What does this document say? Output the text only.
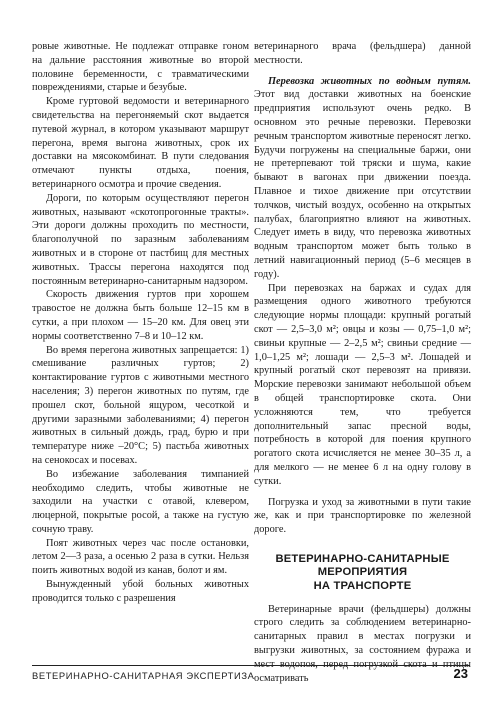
ровые животные. Не подлежат отправке гоном на дальние расстояния животные во второй половине беременности, с травматическими повреждениями, старые и безубые.

Кроме гуртовой ведомости и ветеринарного свидетельства на перегоняемый скот выдается путевой журнал, в котором указывают маршрут перегона, время выгона животных, срок их доставки на мясокомбинат. В пути следования отмечают пункты отдыха, поения, ветеринарного осмотра и прочие сведения.

Дороги, по которым осуществляют перегон животных, называют «скотопрогонные тракты». Эти дороги должны проходить по местности, благополучной по заразным заболеваниям животных и в стороне от пастбищ для местных животных. Трассы перегона находятся под постоянным ветеринарно-санитарным надзором.

Скорость движения гуртов при хорошем травостое не должна быть больше 12–15 км в сутки, а при плохом — 15–20 км. Для овец эти нормы соответственно 7–8 и 10–12 км.

Во время перегона животных запрещается: 1) смешивание различных гуртов; 2) контактирование гуртов с животными местного населения; 3) перегон животных по путям, где прошел скот, больной ящуром, чесоткой и другими заразными заболеваниями; 4) перегон животных в сильный дождь, град, бурю и при температуре ниже –20°С; 5) пастьба животных на сенокосах и посевах.

Во избежание заболевания тимпанией необходимо следить, чтобы животные не заходили на участки с отавой, клевером, люцерной, покрытые росой, а также на густую сочную траву.

Поят животных через час после остановки, летом 2—3 раза, а осенью 2 раза в сутки. Нельзя поить животных водой из канав, болот и ям.

Вынужденный убой больных животных проводится только с разрешения

ветеринарного врача (фельдшера) данной местности.

Перевозка животных по водным путям. Этот вид доставки животных на боенские предприятия используют очень редко. В основном это речные перевозки. Перевозки речным транспортом животные переносят легко. Будучи погружены на специальные баржи, они не претерпевают той тряски и шума, какие бывают в вагонах при движении поезда. Плавное и тихое движение при отсутствии толчков, чистый воздух, особенно на открытых палубах, благоприятно влияют на животных. Следует иметь в виду, что перевозка животных водным транспортом может быть только в летний навигационный период (5–6 месяцев в году).

При перевозках на баржах и судах для размещения одного животного требуются следующие нормы площади: крупный рогатый скот — 2,5–3,0 м²; овцы и козы — 0,75–1,0 м²; свиньи крупные — 2–2,5 м²; свиньи средние — 1,0–1,25 м²; лошади — 2,5–3 м². Лошадей и крупный рогатый скот перевозят на привязи. Морские перевозки занимают небольшой объем в общей транспортировке скота. Они усложняются тем, что требуется дополнительный запас пресной воды, потребность в которой для поения крупного рогатого скота исчисляется не менее 30–35 л, а для мелкого — не менее 6 л на одну голову в сутки.

Погрузка и уход за животными в пути такие же, как и при транспортировке по железной дороге.

ВЕТЕРИНАРНО-САНИТАРНЫЕ
МЕРОПРИЯТИЯ
НА ТРАНСПОРТЕ

Ветеринарные врачи (фельдшеры) должны строго следить за соблюдением ветеринарно-санитарных правил в местах погрузки и выгрузки животных, за состоянием фуража и мест водопоя, перед погрузкой скота и птицы осматривать

ВЕТЕРИНАРНО-САНИТАРНАЯ ЭКСПЕРТИЗА	23
